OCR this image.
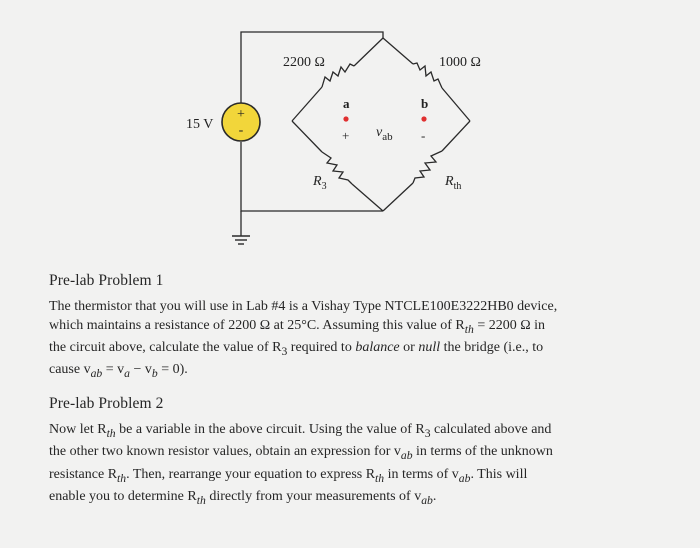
+
-
15 V
2200 Ω	1000 Ω
a	b
+	-
$v_{ab}$
$R_3$	$R_{th}$
Pre-lab Problem 1
The thermistor that you will use in Lab #4 is a Vishay Type NTCLE100E3222HB0 device,
which maintains a resistance of 2200 Ω at 25°C. Assuming this value of $R_{th} = 2200$ Ω in
the circuit above, calculate the value of $R_3$ required to balance or null the bridge (i.e., to
cause $v_{ab} = v_a - v_b = 0$).
Pre-lab Problem 2
Now let $R_{th}$ be a variable in the above circuit. Using the value of $R_3$ calculated above and
the other two known resistor values, obtain an expression for $v_{ab}$ in terms of the unknown
resistance $R_{th}$. Then, rearrange your equation to express $R_{th}$ in terms of $v_{ab}$. This will
enable you to determine $R_{th}$ directly from your measurements of $v_{ab}$.
